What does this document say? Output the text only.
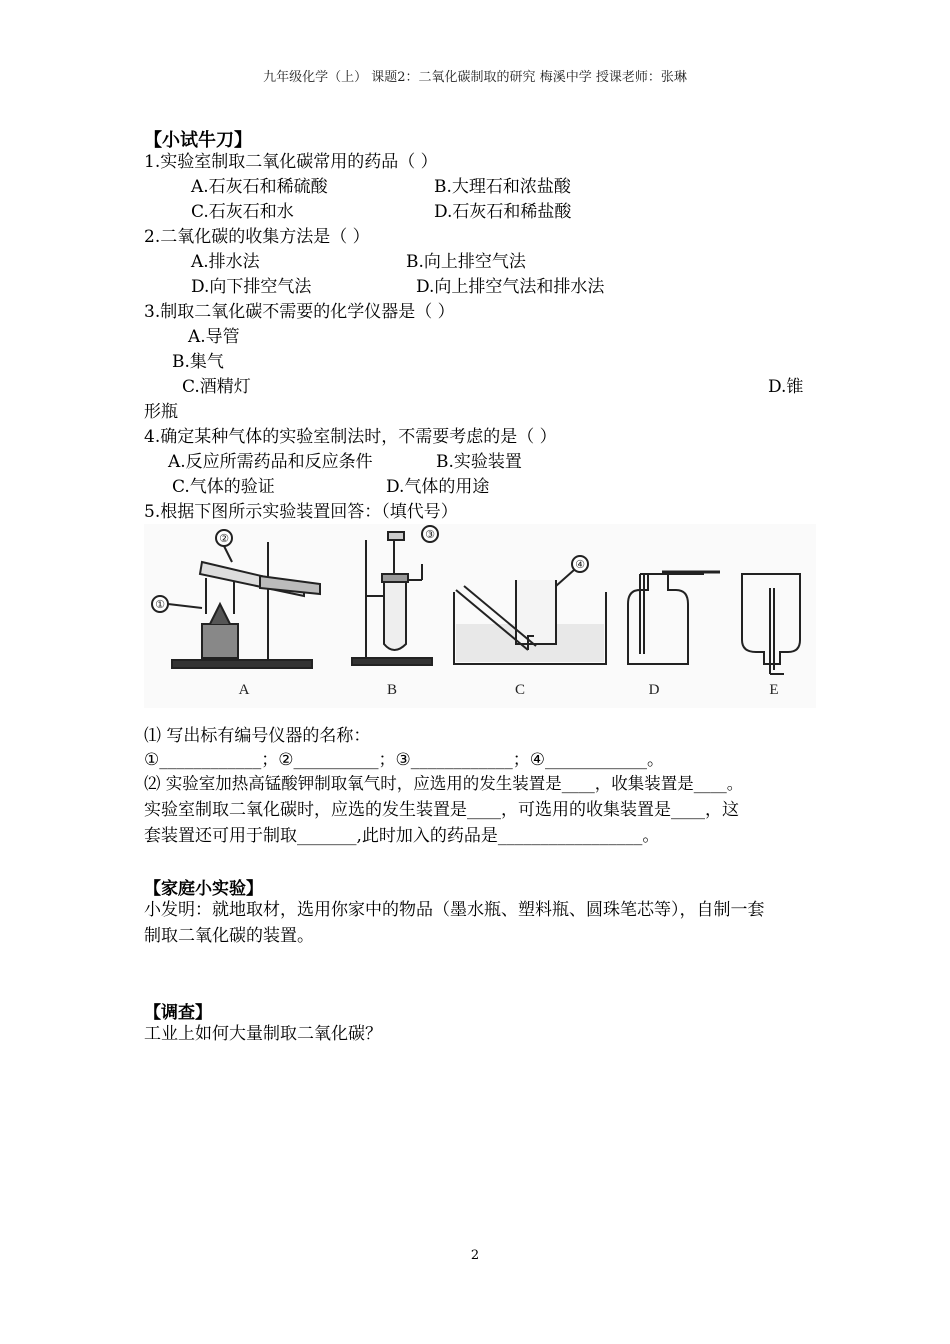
九年级化学（上） 课题2：二氧化碳制取的研究 梅溪中学 授课老师：张琳
【小试牛刀】
1.实验室制取二氧化碳常用的药品（ ）
A.石灰石和稀硫酸	B.大理石和浓盐酸
C.石灰石和水	D.石灰石和稀盐酸
2.二氧化碳的收集方法是（ ）
A.排水法	B.向上排空气法
D.向下排空气法	D.向上排空气法和排水法
3.制取二氧化碳不需要的化学仪器是（ ）
A.导管
B.集气
C.酒精灯	D.锥
形瓶
4.确定某种气体的实验室制法时，不需要考虑的是（ ）
A.反应所需药品和反应条件	B.实验装置
C.气体的验证	D.气体的用途
5.根据下图所示实验装置回答：（填代号）
A	B	C	D	E
①
②	③
④
⑴ 写出标有编号仪器的名称：
①____________；②__________；③____________；④____________。
⑵ 实验室加热高锰酸钾制取氧气时，应选用的发生装置是____，收集装置是____。
实验室制取二氧化碳时，应选的发生装置是____，可选用的收集装置是____，这
套装置还可用于制取_______,此时加入的药品是_________________。
【家庭小实验】
小发明：就地取材，选用你家中的物品（墨水瓶、塑料瓶、圆珠笔芯等），自制一套
制取二氧化碳的装置。
【调查】
工业上如何大量制取二氧化碳？
2
